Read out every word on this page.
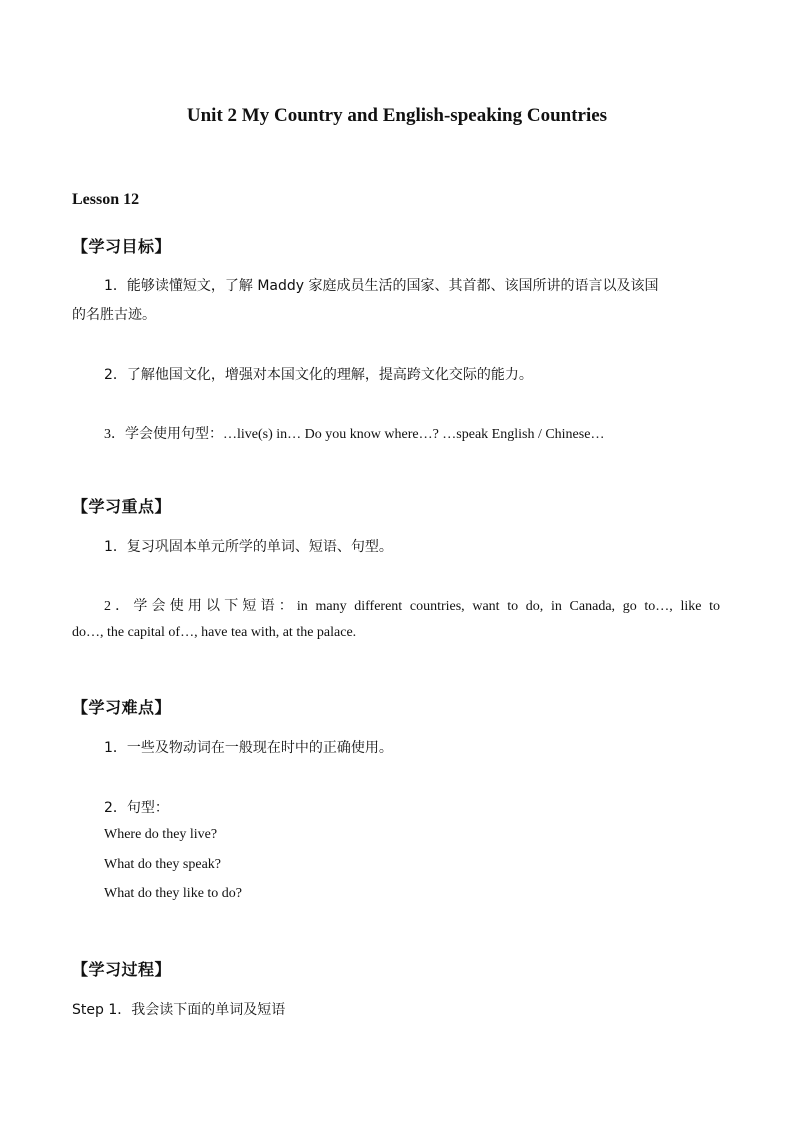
Unit 2 My Country and English-speaking Countries
Lesson 12
【学习目标】
1．能够读懂短文，了解 Maddy 家庭成员生活的国家、其首都、该国所讲的语言以及该国
的名胜古迹。
2．了解他国文化，增强对本国文化的理解，提高跨文化交际的能力。
3．学会使用句型：…live(s) in… Do you know where…? …speak English / Chinese…
【学习重点】
1．复习巩固本单元所学的单词、短语、句型。
2．学会使用以下短语：in many different countries, want to do, in Canada, go to…, like to
do…, the capital of…, have tea with, at the palace.
【学习难点】
1．一些及物动词在一般现在时中的正确使用。
2．句型：
Where do they live?
What do they speak?
What do they like to do?
【学习过程】
Step 1．我会读下面的单词及短语
